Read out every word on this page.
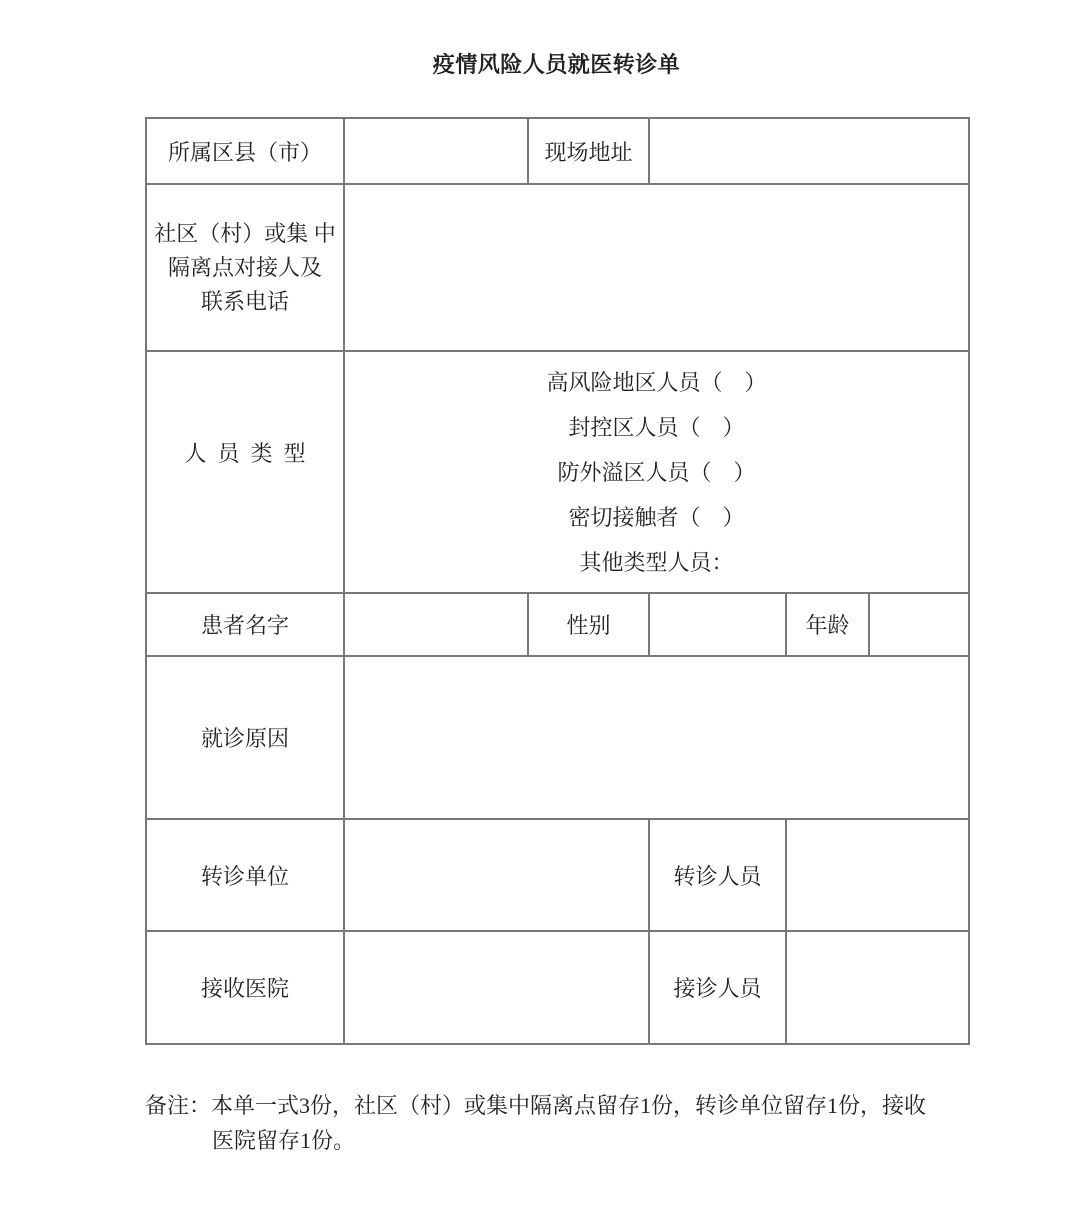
疫情风险人员就医转诊单
所属区县（市）		现场地址			

社区（村）或集 中
隔离点对接人及
联系电话					

人员类型	高风险地区人员（　）
封控区人员（　）
防外溢区人员（　）
密切接触者（　）
其他类型人员：				

患者名字		性别		年龄	
就诊原因					
转诊单位			转诊人员		
接收医院			接诊人员		
备注：本单一式3份，社区（村）或集中隔离点留存1份，转诊单位留存1份，接收
医院留存1份。
